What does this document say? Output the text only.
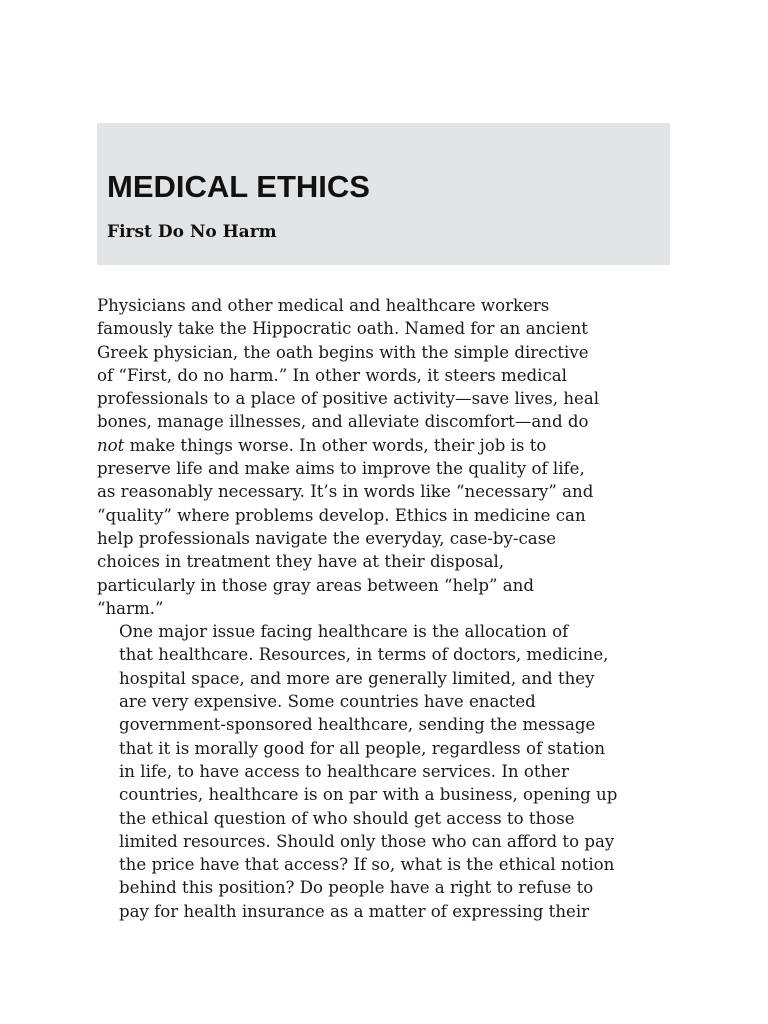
MEDICAL ETHICS
First Do No Harm

Physicians and other medical and healthcare workers
famously take the Hippocratic oath. Named for an ancient
Greek physician, the oath begins with the simple directive
of “First, do no harm.” In other words, it steers medical
professionals to a place of positive activity—save lives, heal
bones, manage illnesses, and alleviate discomfort—and do
not make things worse. In other words, their job is to
preserve life and make aims to improve the quality of life,
as reasonably necessary. It’s in words like “necessary” and
“quality” where problems develop. Ethics in medicine can
help professionals navigate the everyday, case-by-case
choices in treatment they have at their disposal,
particularly in those gray areas between “help” and
“harm.”

One major issue facing healthcare is the allocation of
that healthcare. Resources, in terms of doctors, medicine,
hospital space, and more are generally limited, and they
are very expensive. Some countries have enacted
government-sponsored healthcare, sending the message
that it is morally good for all people, regardless of station
in life, to have access to healthcare services. In other
countries, healthcare is on par with a business, opening up
the ethical question of who should get access to those
limited resources. Should only those who can afford to pay
the price have that access? If so, what is the ethical notion
behind this position? Do people have a right to refuse to
pay for health insurance as a matter of expressing their
